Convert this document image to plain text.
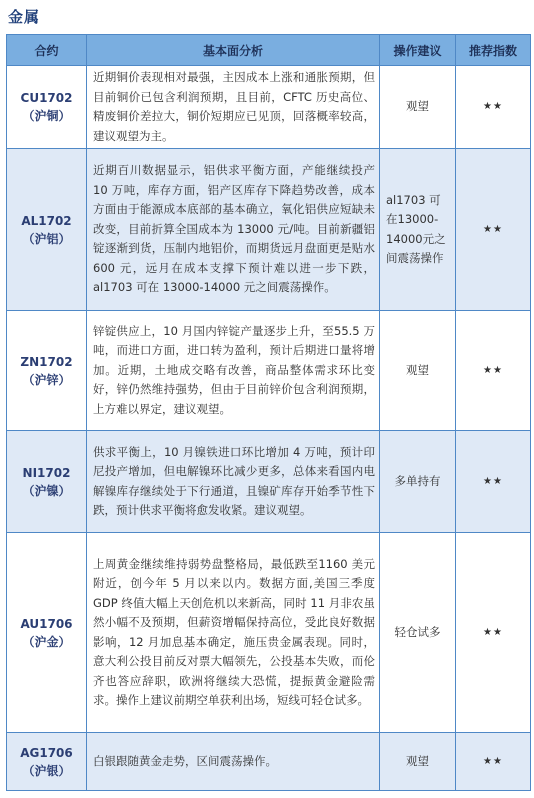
金属
合约	基本面分析	操作建议	推荐指数

CU1702
（沪铜）	近期铜价表现相对最强，主因成本上涨和通胀预期，但目前铜价已包含利润预期，且目前，CFTC 历史高位、精废铜价差拉大，铜价短期应已见顶，回落概率较高，建议观望为主。	观望	★★

AL1702
（沪铝）	近期百川数据显示，铝供求平衡方面，产能继续投产 10 万吨，库存方面，铝产区库存下降趋势改善，成本方面由于能源成本底部的基本确立，氧化铝供应短缺未改变，目前折算全国成本为 13000 元/吨。目前新疆铝锭逐渐到货，压制内地铝价，而期货远月盘面更是贴水 600 元，远月在成本支撑下预计难以进一步下跌，al1703 可在 13000-14000 元之间震荡操作。	al1703 可在13000-14000元之间震荡操作	★★

ZN1702
（沪锌）	锌锭供应上，10 月国内锌锭产量逐步上升，至55.5 万吨，而进口方面，进口转为盈利，预计后期进口量将增加。近期，土地成交略有改善，商品整体需求环比变好，锌仍然维持强势，但由于目前锌价包含利润预期，上方难以界定，建议观望。	观望	★★

NI1702
（沪镍）	供求平衡上，10 月镍铁进口环比增加 4 万吨，预计印尼投产增加，但电解镍环比减少更多，总体来看国内电解镍库存继续处于下行通道，且镍矿库存开始季节性下跌，预计供求平衡将愈发收紧。建议观望。	多单持有	★★

AU1706
（沪金）	上周黄金继续维持弱势盘整格局，最低跌至1160 美元附近，创今年 5 月以来以内。数据方面,美国三季度 GDP 终值大幅上天创危机以来新高，同时 11 月非农虽然小幅不及预期，但薪资增幅保持高位，受此良好数据影响，12 月加息基本确定，施压贵金属表现。同时，意大利公投目前反对票大幅领先，公投基本失败，而伦齐也答应辞职，欧洲将继续大恐慌，提振黄金避险需求。操作上建议前期空单获利出场，短线可轻仓试多。	轻仓试多	★★

AG1706
（沪银）	白银跟随黄金走势，区间震荡操作。	观望	★★
